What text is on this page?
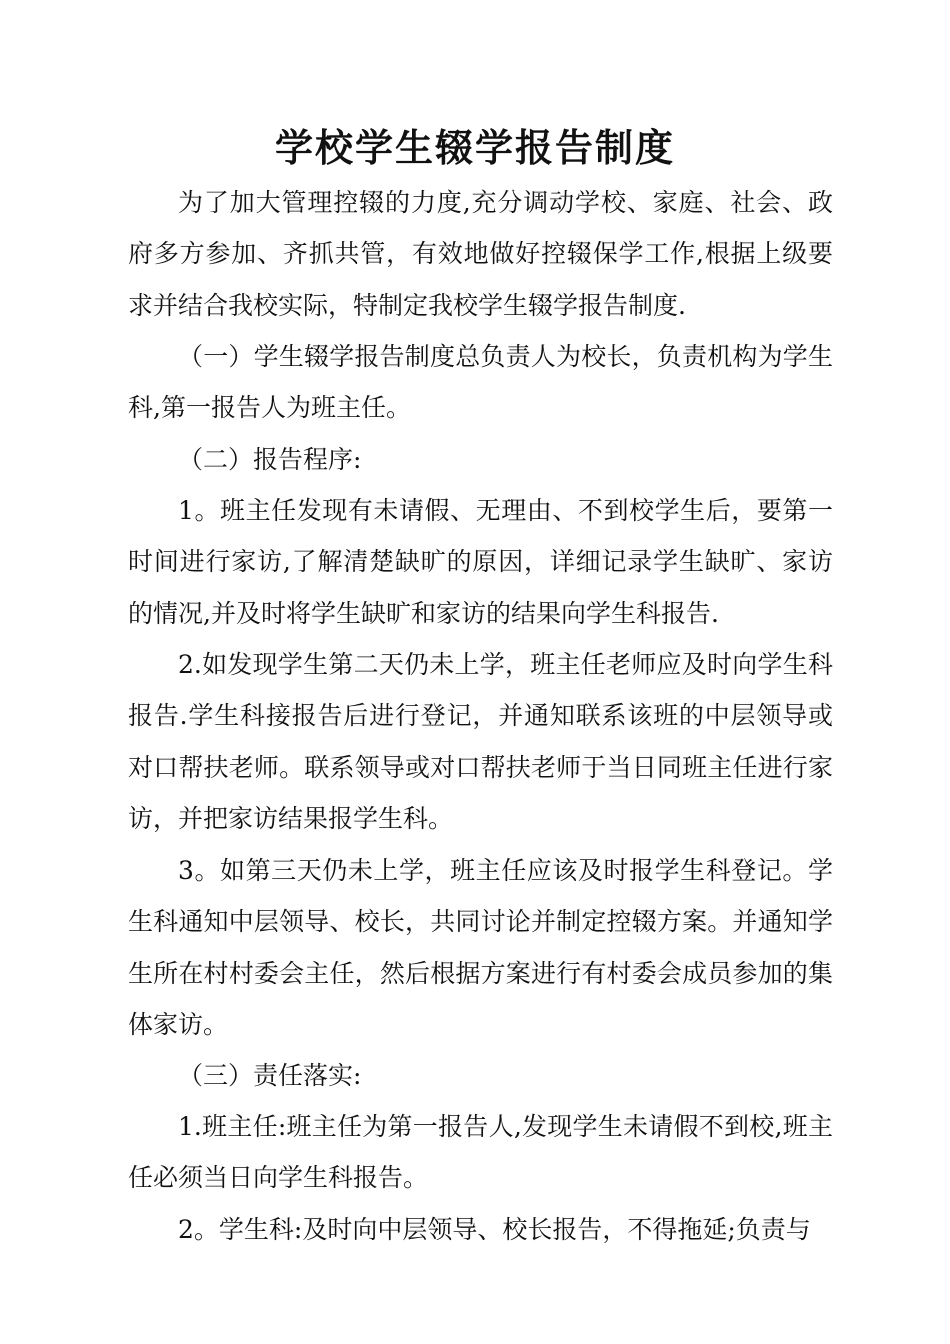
学校学生辍学报告制度

为了加大管理控辍的力度,充分调动学校、家庭、社会、政府多方参加、齐抓共管，有效地做好控辍保学工作,根据上级要求并结合我校实际，特制定我校学生辍学报告制度.

（一）学生辍学报告制度总负责人为校长，负责机构为学生科,第一报告人为班主任。

（二）报告程序:

1。班主任发现有未请假、无理由、不到校学生后，要第一时间进行家访,了解清楚缺旷的原因，详细记录学生缺旷、家访的情况,并及时将学生缺旷和家访的结果向学生科报告.

2.如发现学生第二天仍未上学，班主任老师应及时向学生科报告.学生科接报告后进行登记，并通知联系该班的中层领导或对口帮扶老师。联系领导或对口帮扶老师于当日同班主任进行家访，并把家访结果报学生科。

3。如第三天仍未上学，班主任应该及时报学生科登记。学生科通知中层领导、校长，共同讨论并制定控辍方案。并通知学生所在村村委会主任，然后根据方案进行有村委会成员参加的集体家访。

（三）责任落实:

1.班主任:班主任为第一报告人,发现学生未请假不到校,班主任必须当日向学生科报告。

2。学生科:及时向中层领导、校长报告，不得拖延;负责与
